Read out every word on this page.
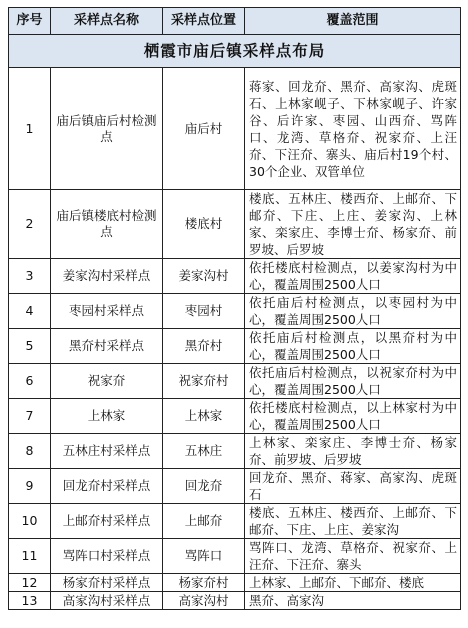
栖霞市庙后镇采样点布局			
序号	采样点名称	采样点位置	覆盖范围
1	庙后镇庙后村检测点	庙后村	蒋家、回龙夼、黑夼、高家沟、虎斑石、上林家岘子、下林家岘子、许家谷、后许家、枣园、山西夼、骂阵口、龙湾、草格夼、祝家夼、上汪夼、下汪夼、寨头、庙后村19个村、30个企业、双管单位
2	庙后镇楼底村检测点	楼底村	楼底、五林庄、楼西夼、上邮夼、下邮夼、下庄、上庄、姜家沟、上林家、栾家庄、李博士夼、杨家夼、前罗坡、后罗坡
3	姜家沟村采样点	姜家沟村	依托楼底村检测点，以姜家沟村为中心，覆盖周围2500人口
4	枣园村采样点	枣园村	依托庙后村检测点，以枣园村为中心，覆盖周围2500人口
5	黑夼村采样点	黑夼村	依托庙后村检测点，以黑夼村为中心，覆盖周围2500人口
6	祝家夼	祝家夼村	依托庙后村检测点，以祝家夼村为中心，覆盖周围2500人口
7	上林家	上林家	依托楼底村检测点，以上林家村为中心，覆盖周围2500人口
8	五林庄村采样点	五林庄	上林家、栾家庄、李博士夼、杨家夼、前罗坡、后罗坡
9	回龙夼村采样点	回龙夼	回龙夼、黑夼、蒋家、高家沟、虎斑石
10	上邮夼村采样点	上邮夼	楼底、五林庄、楼西夼、上邮夼、下邮夼、下庄、上庄、姜家沟
11	骂阵口村采样点	骂阵口	骂阵口、龙湾、草格夼、祝家夼、上汪夼、下汪夼、寨头
12	杨家夼村采样点	杨家夼村	上林家、上邮夼、下邮夼、楼底
13	高家沟村采样点	高家沟村	黑夼、高家沟
